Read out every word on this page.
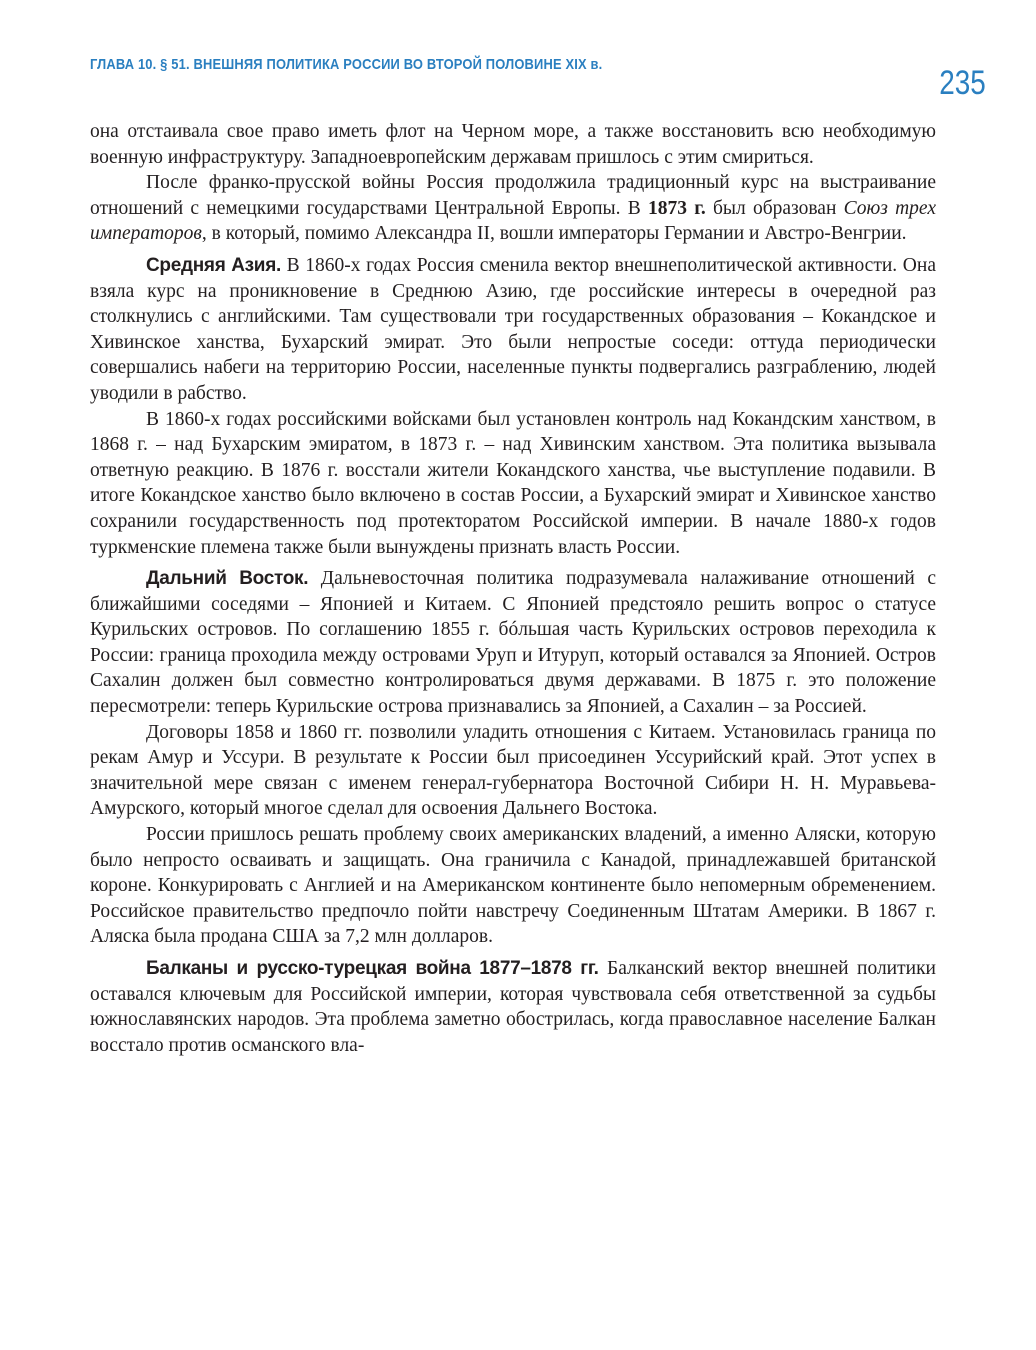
ГЛАВА 10. § 51. ВНЕШНЯЯ ПОЛИТИКА РОССИИ ВО ВТОРОЙ ПОЛОВИНЕ XIX в.	235

она отстаивала свое право иметь флот на Черном море, а также восстановить всю необходимую военную инфраструктуру. Западноевропейским державам пришлось с этим смириться.

После франко-прусской войны Россия продолжила традиционный курс на выстраивание отношений с немецкими государствами Центральной Европы. В 1873 г. был образован Союз трех императоров, в который, помимо Александра II, вошли императоры Германии и Австро-Венгрии.

Средняя Азия. В 1860-х годах Россия сменила вектор внешнеполитической активности. Она взяла курс на проникновение в Среднюю Азию, где российские интересы в очередной раз столкнулись с английскими. Там существовали три государственных образования – Кокандское и Хивинское ханства, Бухарский эмират. Это были непростые соседи: оттуда периодически совершались набеги на территорию России, населенные пункты подвергались разграблению, людей уводили в рабство.

В 1860-х годах российскими войсками был установлен контроль над Кокандским ханством, в 1868 г. – над Бухарским эмиратом, в 1873 г. – над Хивинским ханством. Эта политика вызывала ответную реакцию. В 1876 г. восстали жители Кокандского ханства, чье выступление подавили. В итоге Кокандское ханство было включено в состав России, а Бухарский эмират и Хивинское ханство сохранили государственность под протекторатом Российской империи. В начале 1880-х годов туркменские племена также были вынуждены признать власть России.

Дальний Восток. Дальневосточная политика подразумевала налаживание отношений с ближайшими соседями – Японией и Китаем. С Японией предстояло решить вопрос о статусе Курильских островов. По соглашению 1855 г. бóльшая часть Курильских островов переходила к России: граница проходила между островами Уруп и Итуруп, который оставался за Японией. Остров Сахалин должен был совместно контролироваться двумя державами. В 1875 г. это положение пересмотрели: теперь Курильские острова признавались за Японией, а Сахалин – за Россией.

Договоры 1858 и 1860 гг. позволили уладить отношения с Китаем. Установилась граница по рекам Амур и Уссури. В результате к России был присоединен Уссурийский край. Этот успех в значительной мере связан с именем генерал-губернатора Восточной Сибири Н. Н. Муравьева-Амурского, который многое сделал для освоения Дальнего Востока.

России пришлось решать проблему своих американских владений, а именно Аляски, которую было непросто осваивать и защищать. Она граничила с Канадой, принадлежавшей британской короне. Конкурировать с Англией и на Американском континенте было непомерным обременением. Российское правительство предпочло пойти навстречу Соединенным Штатам Америки. В 1867 г. Аляска была продана США за 7,2 млн долларов.

Балканы и русско-турецкая война 1877–1878 гг. Балканский вектор внешней политики оставался ключевым для Российской империи, которая чувствовала себя ответственной за судьбы южнославянских народов. Эта проблема заметно обострилась, когда православное население Балкан восстало против османского вла-
